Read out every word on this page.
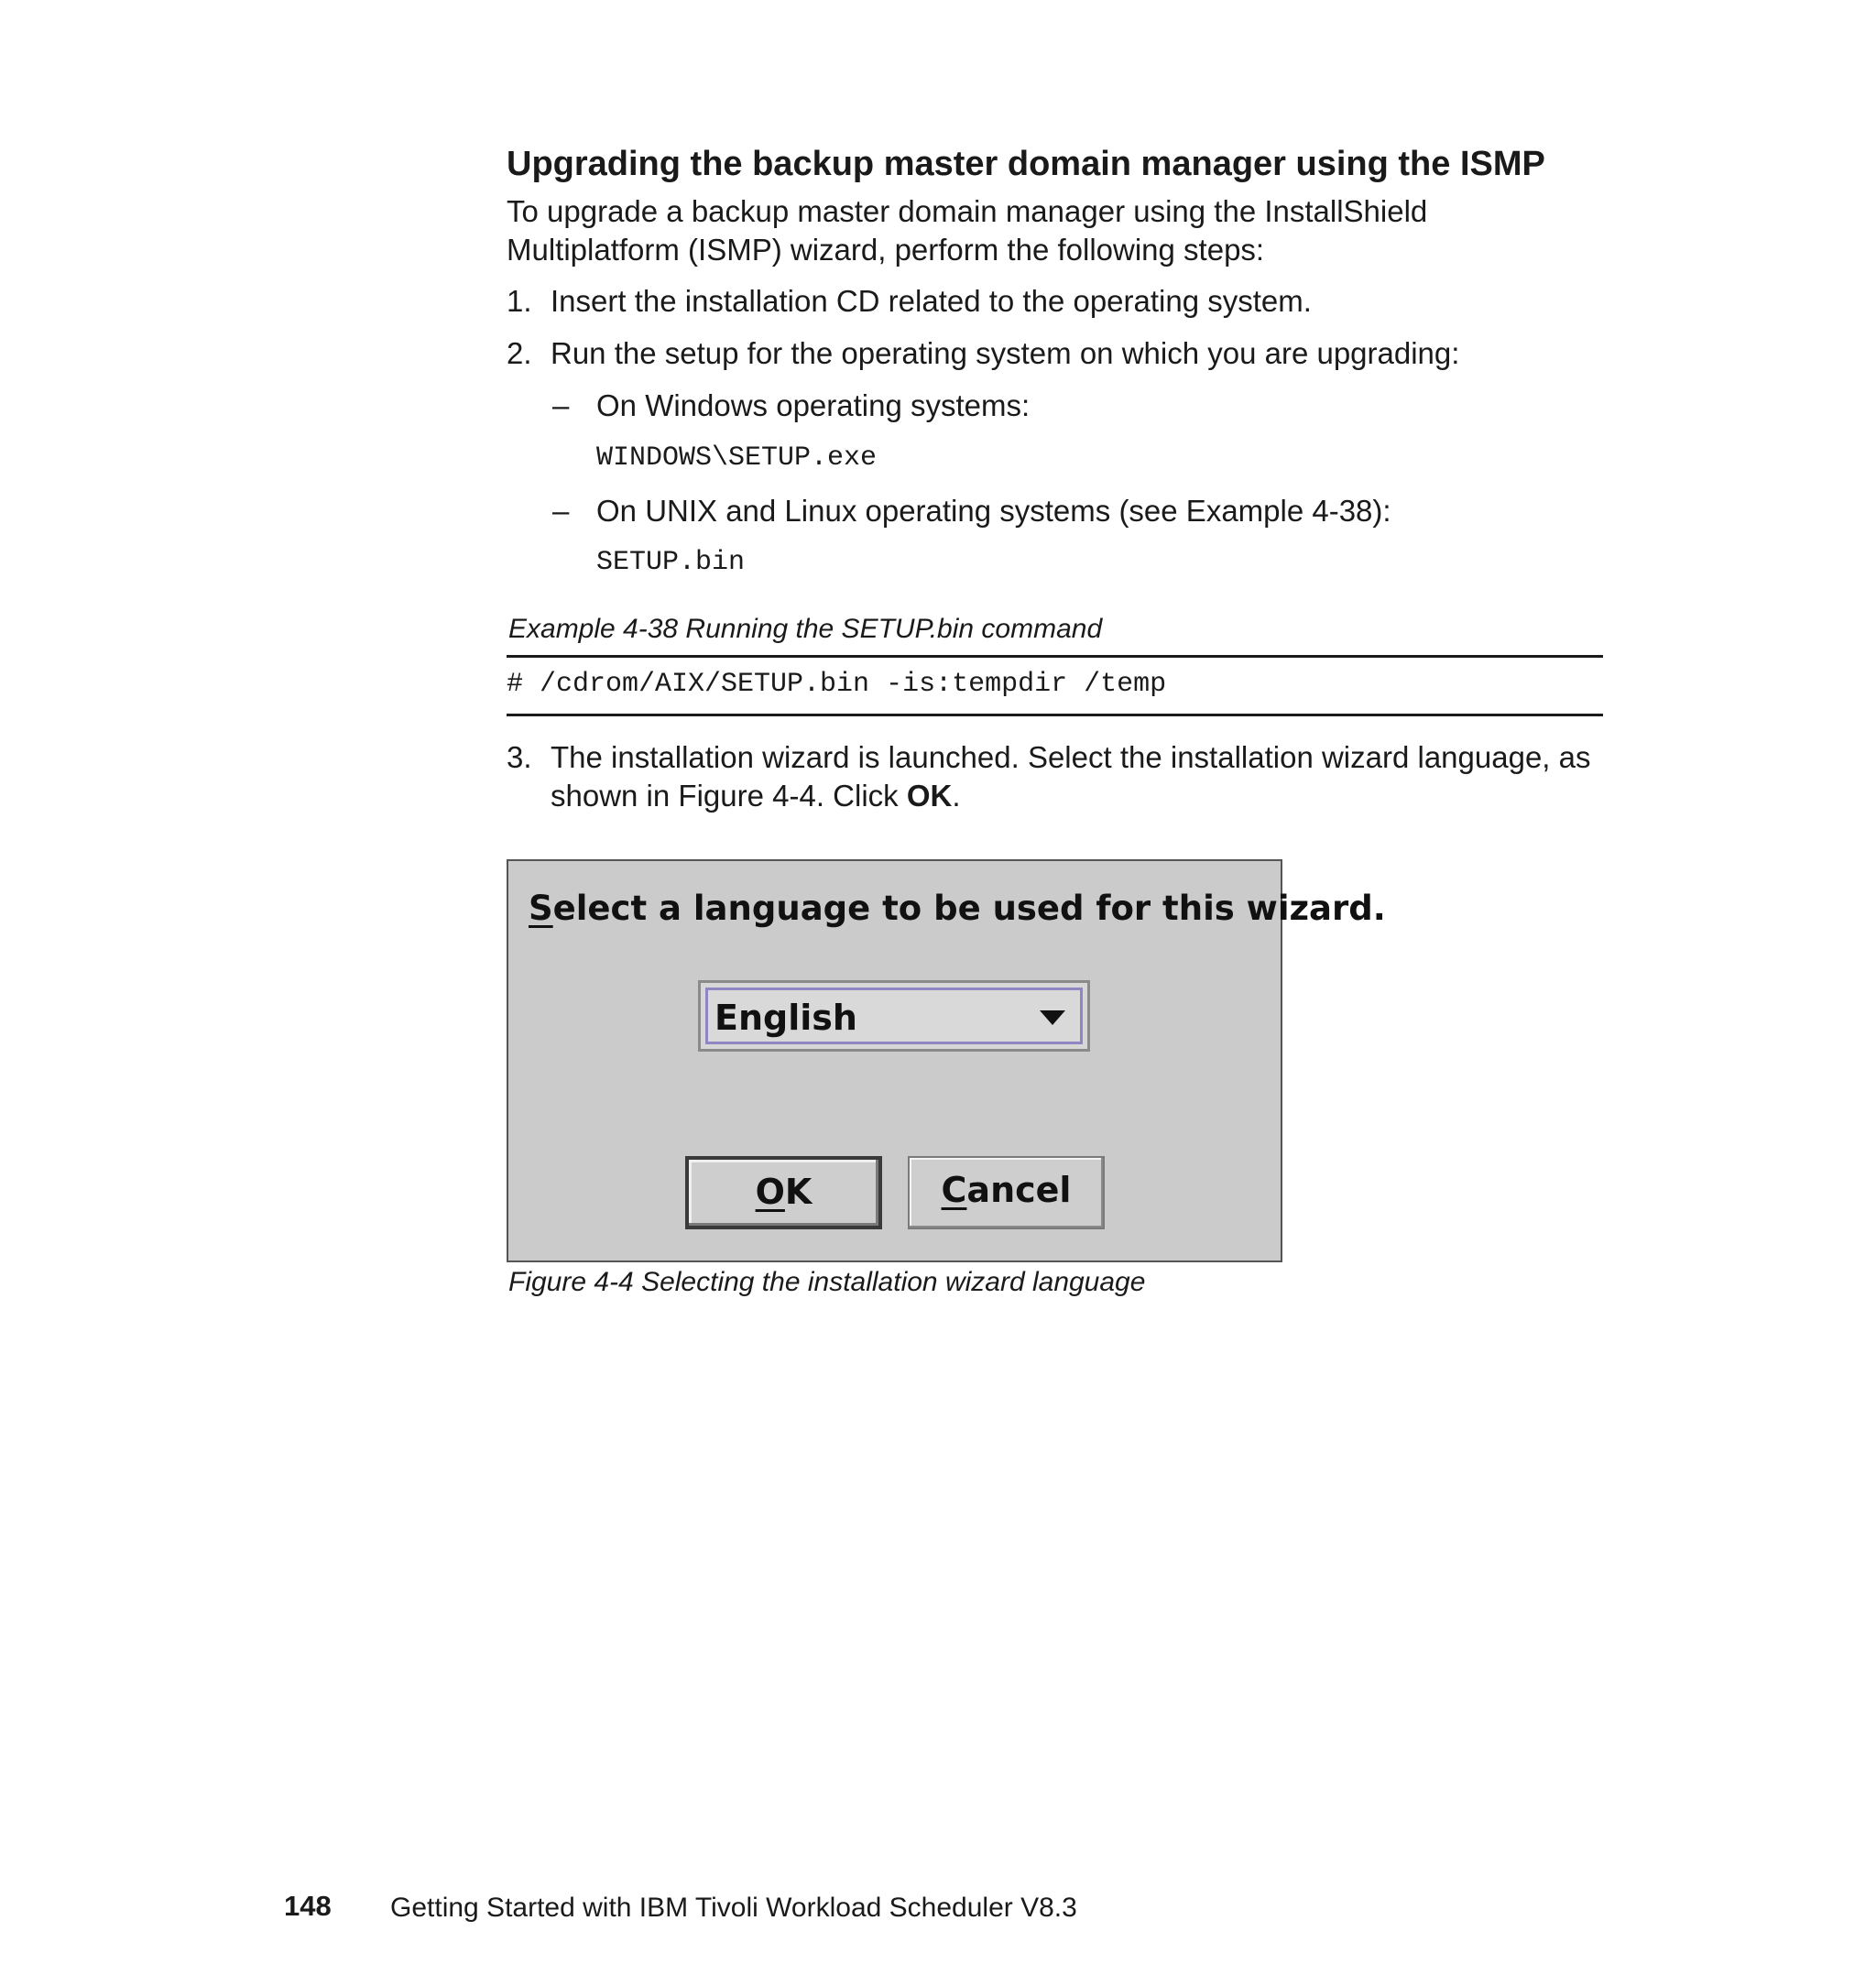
Upgrading the backup master domain manager using the ISMP
To upgrade a backup master domain manager using the InstallShield Multiplatform (ISMP) wizard, perform the following steps:
1. Insert the installation CD related to the operating system.
2. Run the setup for the operating system on which you are upgrading:
– On Windows operating systems:
WINDOWS\SETUP.exe
– On UNIX and Linux operating systems (see Example 4-38):
SETUP.bin
Example 4-38 Running the SETUP.bin command
# /cdrom/AIX/SETUP.bin -is:tempdir /temp
3. The installation wizard is launched. Select the installation wizard language, as
shown in Figure 4-4. Click OK.
Select a language to be used for this wizard.
English
OK	Cancel
Figure 4-4 Selecting the installation wizard language
148 Getting Started with IBM Tivoli Workload Scheduler V8.3
